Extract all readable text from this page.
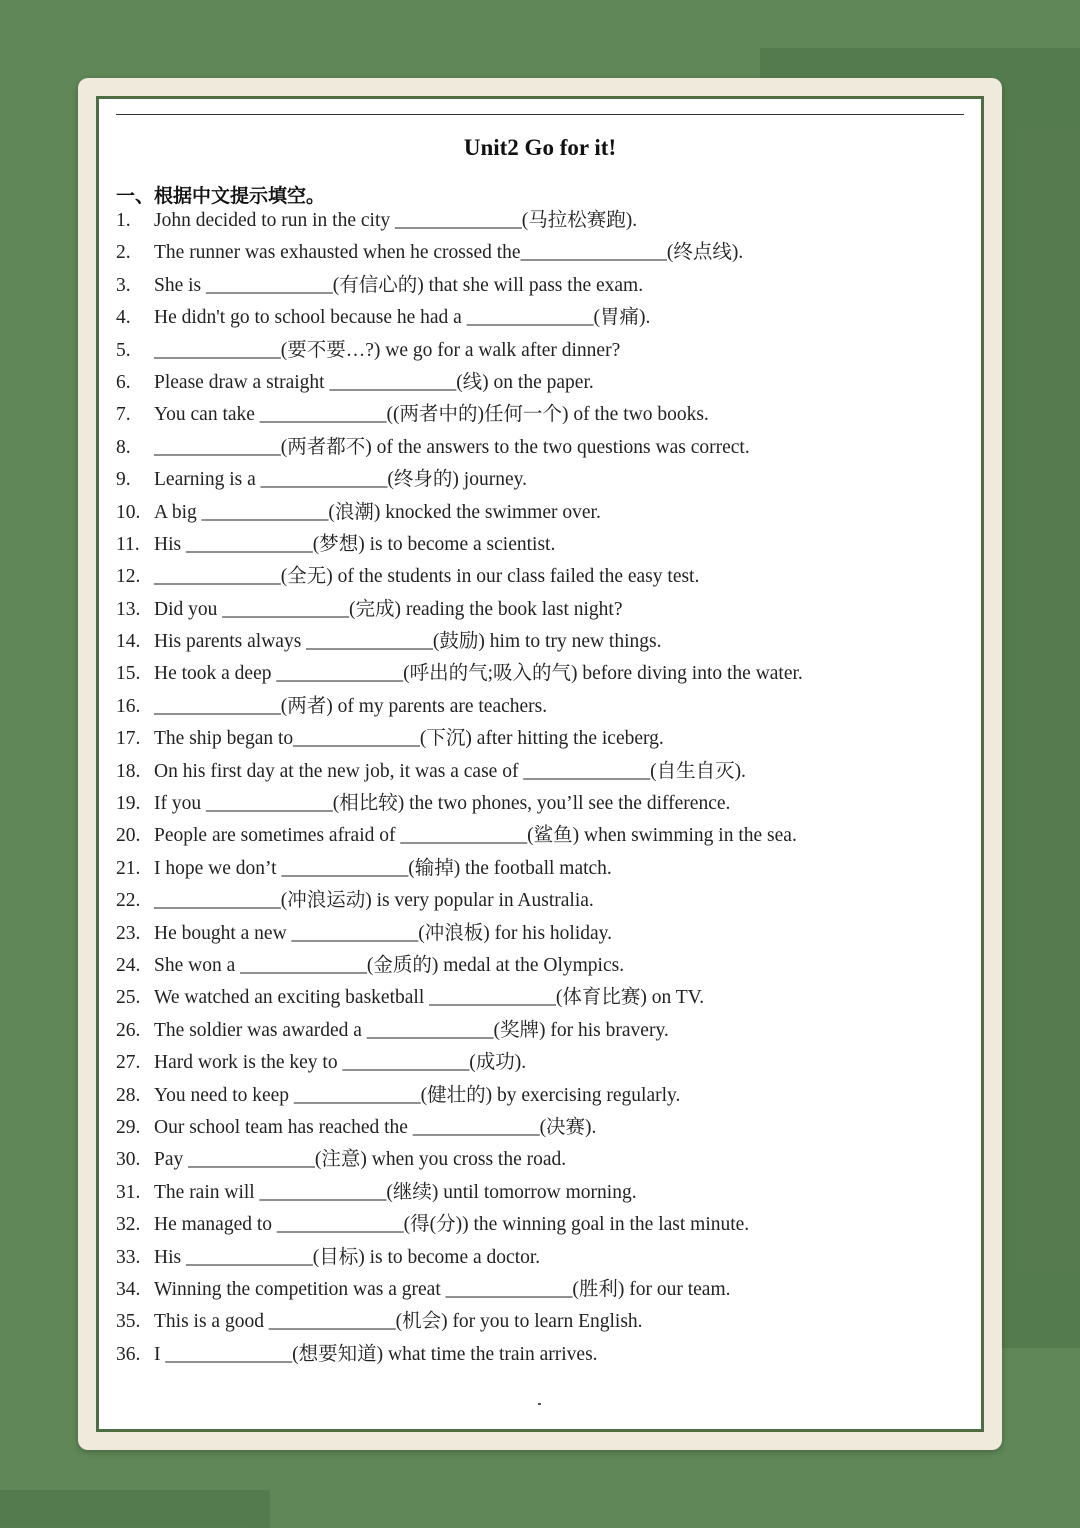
Unit2 Go for it!
一、根据中文提示填空。
1.	John decided to run in the city _____________(马拉松赛跑).
2.	The runner was exhausted when he crossed the_______________(终点线).
3.	She is _____________(有信心的) that she will pass the exam.
4.	He didn't go to school because he had a _____________(胃痛).
5.	_____________(要不要…?) we go for a walk after dinner?
6.	Please draw a straight _____________(线) on the paper.
7.	You can take _____________((两者中的)任何一个) of the two books.
8.	_____________(两者都不) of the answers to the two questions was correct.
9.	Learning is a _____________(终身的) journey.
10. A big _____________(浪潮) knocked the swimmer over.
11. His _____________(梦想) is to become a scientist.
12. _____________(全无) of the students in our class failed the easy test.
13. Did you _____________(完成) reading the book last night?
14. His parents always _____________(鼓励) him to try new things.
15. He took a deep _____________(呼出的气;吸入的气) before diving into the water.
16. _____________(两者) of my parents are teachers.
17. The ship began to_____________(下沉) after hitting the iceberg.
18. On his first day at the new job, it was a case of _____________(自生自灭).
19. If you _____________(相比较) the two phones, you’ll see the difference.
20. People are sometimes afraid of _____________(鲨鱼) when swimming in the sea.
21. I hope we don’t _____________(输掉) the football match.
22. _____________(冲浪运动) is very popular in Australia.
23. He bought a new _____________(冲浪板) for his holiday.
24. She won a _____________(金质的) medal at the Olympics.
25. We watched an exciting basketball _____________(体育比赛) on TV.
26. The soldier was awarded a _____________(奖牌) for his bravery.
27. Hard work is the key to _____________(成功).
28. You need to keep _____________(健壮的) by exercising regularly.
29. Our school team has reached the _____________(决赛).
30. Pay _____________(注意) when you cross the road.
31. The rain will _____________(继续) until tomorrow morning.
32. He managed to _____________(得(分)) the winning goal in the last minute.
33. His _____________(目标) is to become a doctor.
34. Winning the competition was a great _____________(胜利) for our team.
35. This is a good _____________(机会) for you to learn English.
36. I _____________(想要知道) what time the train arrives.
